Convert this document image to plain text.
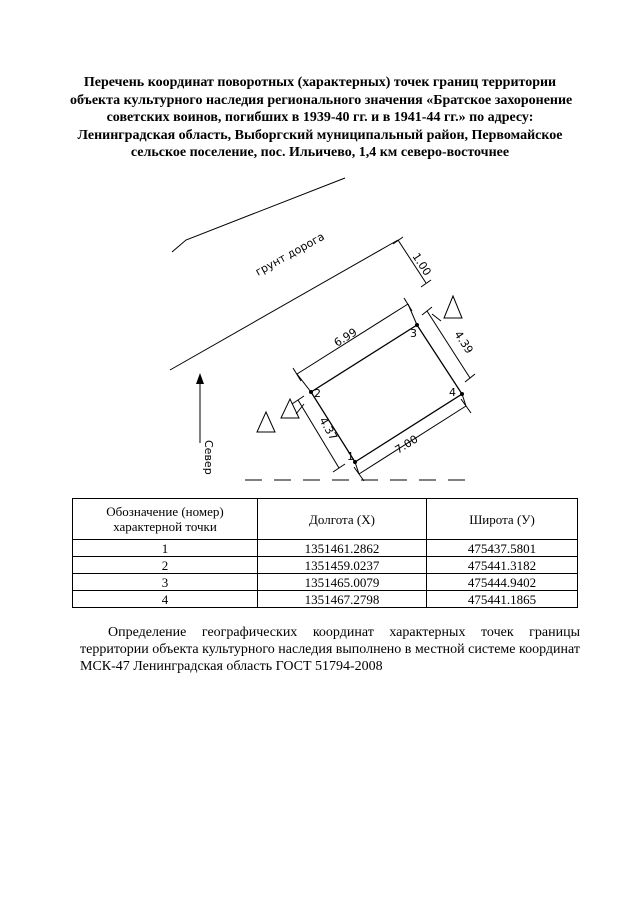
Перечень координат поворотных (характерных) точек границ территории
объекта культурного наследия регионального значения «Братское захоронение
советских воинов, погибших в 1939-40 гг. и в 1941-44 гг.» по адресу:
Ленинградская область, Выборгский муниципальный район, Первомайское
сельское поселение, пос. Ильичево, 1,4 км северо-восточнее
грунт дорога
Север
1.00
6.99	4.39
4.37
7.00
1
2
3
4
Обозначение (номер) характерной точки	Долгота (X)	Широта (У)
1	1351461.2862	475437.5801
2	1351459.0237	475441.3182
3	1351465.0079	475444.9402
4	1351467.2798	475441.1865
Определение географических координат характерных точек границы территории объекта культурного наследия выполнено в местной системе координат МСК-47 Ленинградская область ГОСТ 51794-2008
